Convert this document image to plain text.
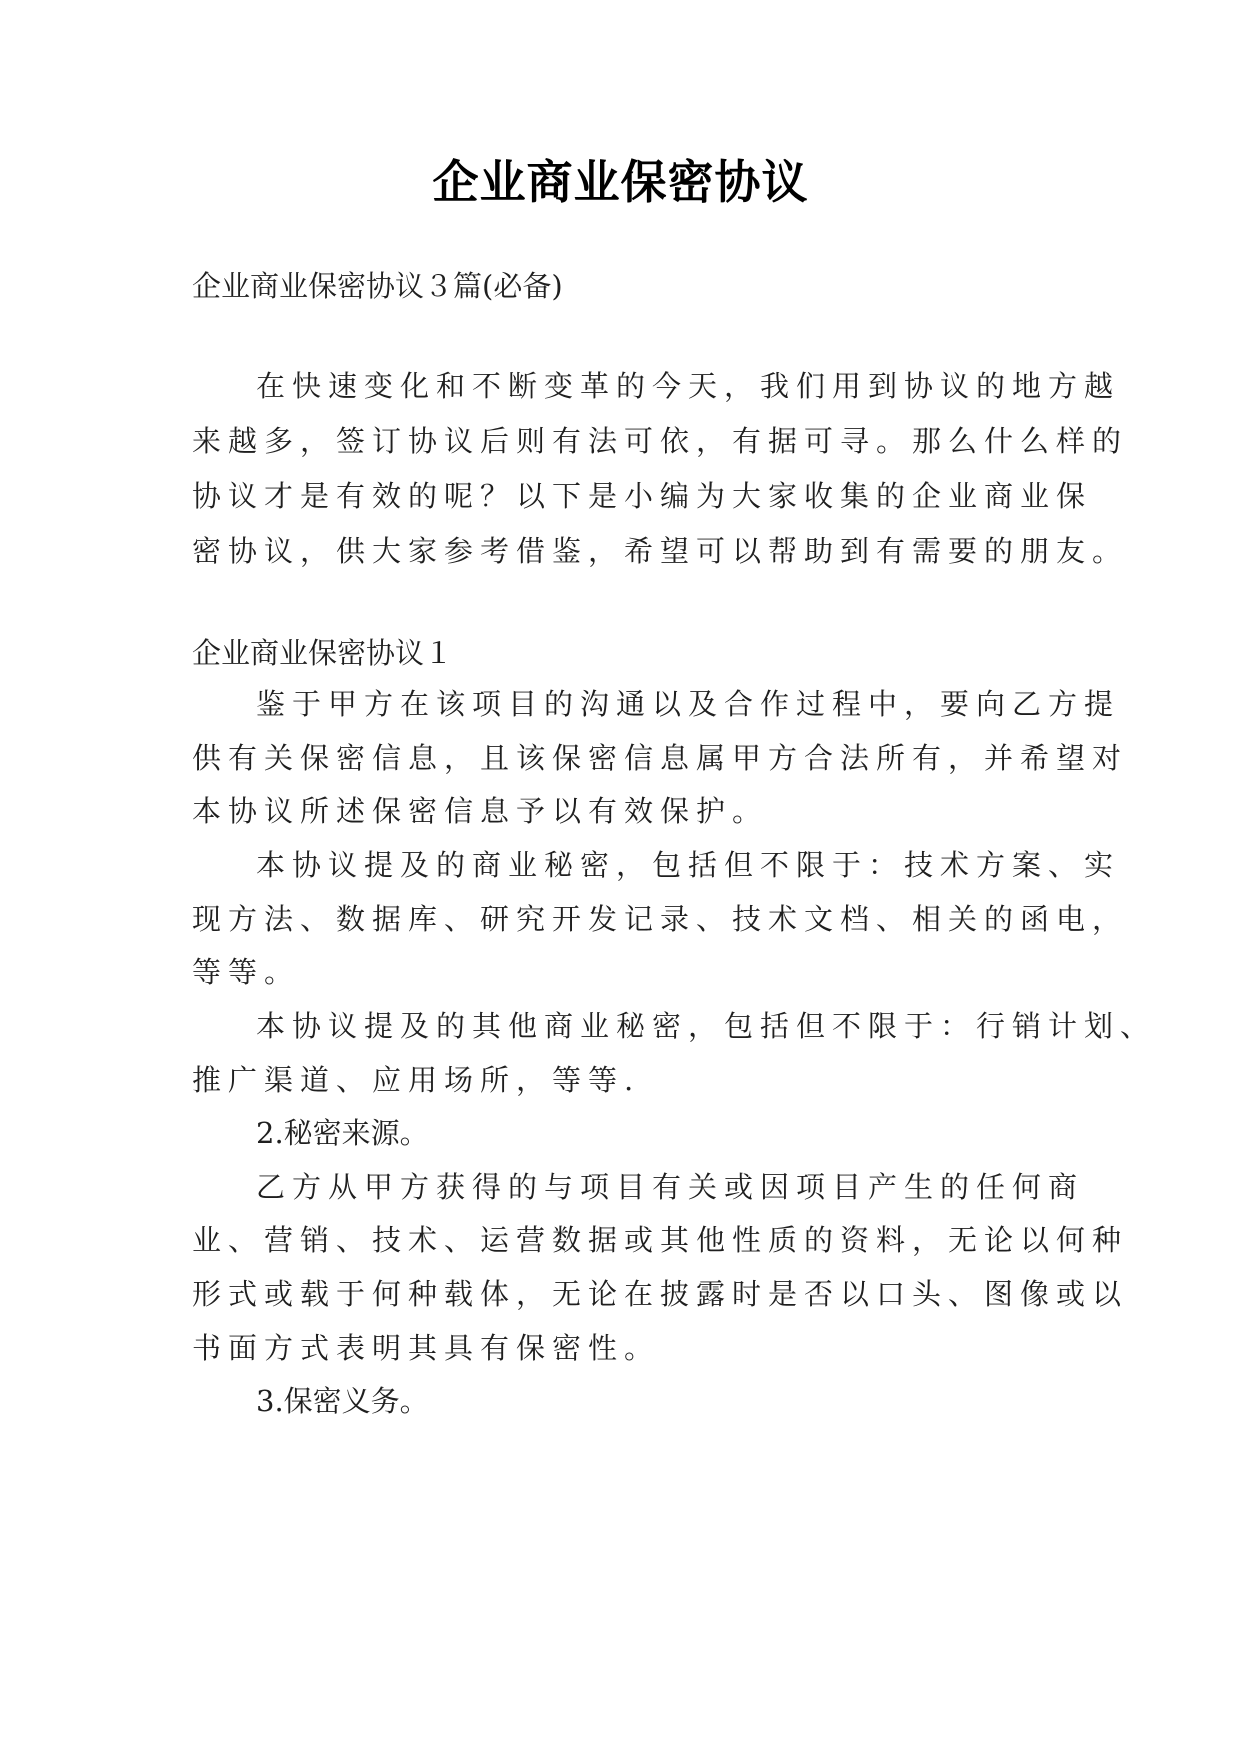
企业商业保密协议
企业商业保密协议３篇(必备)
在快速变化和不断变革的今天，我们用到协议的地方越
来越多，签订协议后则有法可依，有据可寻。那么什么样的
协议才是有效的呢？以下是小编为大家收集的企业商业保
密协议，供大家参考借鉴，希望可以帮助到有需要的朋友。
企业商业保密协议１
鉴于甲方在该项目的沟通以及合作过程中，要向乙方提
供有关保密信息，且该保密信息属甲方合法所有，并希望对
本协议所述保密信息予以有效保护。
本协议提及的商业秘密，包括但不限于：技术方案、实
现方法、数据库、研究开发记录、技术文档、相关的函电，
等等。
本协议提及的其他商业秘密，包括但不限于：行销计划、
推广渠道、应用场所，等等.
2.秘密来源。
乙方从甲方获得的与项目有关或因项目产生的任何商
业、营销、技术、运营数据或其他性质的资料，无论以何种
形式或载于何种载体，无论在披露时是否以口头、图像或以
书面方式表明其具有保密性。
3.保密义务。
